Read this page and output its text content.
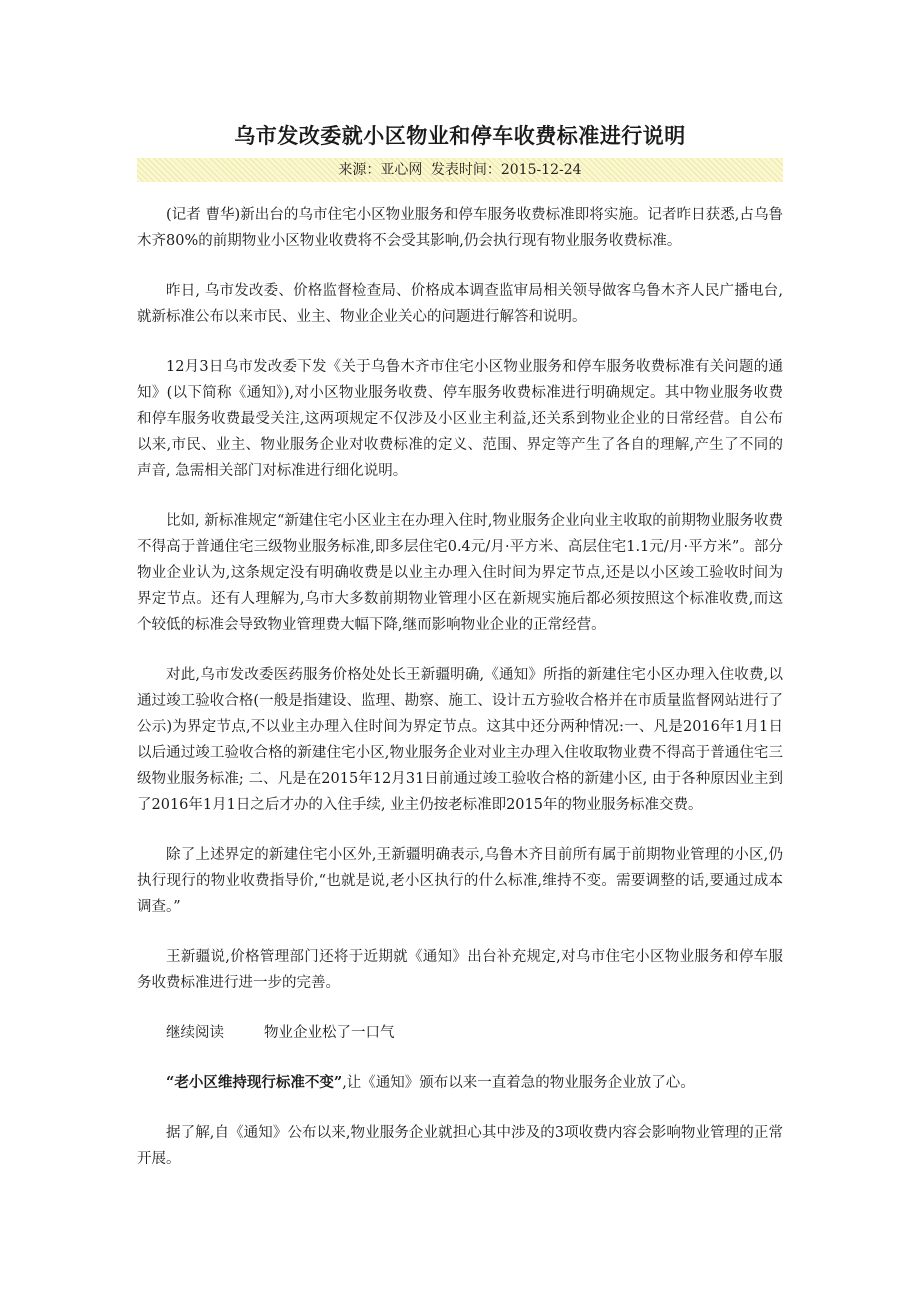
乌市发改委就小区物业和停车收费标准进行说明
来源：亚心网 发表时间：2015-12-24

(记者 曹华)新出台的乌市住宅小区物业服务和停车服务收费标准即将实施。记者昨日获悉,占乌鲁木齐80%的前期物业小区物业收费将不会受其影响,仍会执行现有物业服务收费标准。

昨日, 乌市发改委、价格监督检查局、价格成本调查监审局相关领导做客乌鲁木齐人民广播电台,就新标准公布以来市民、业主、物业企业关心的问题进行解答和说明。

12月3日乌市发改委下发《关于乌鲁木齐市住宅小区物业服务和停车服务收费标准有关问题的通知》(以下简称《通知》),对小区物业服务收费、停车服务收费标准进行明确规定。其中物业服务收费和停车服务收费最受关注,这两项规定不仅涉及小区业主利益,还关系到物业企业的日常经营。自公布以来,市民、业主、物业服务企业对收费标准的定义、范围、界定等产生了各自的理解,产生了不同的声音, 急需相关部门对标准进行细化说明。

比如, 新标准规定“新建住宅小区业主在办理入住时,物业服务企业向业主收取的前期物业服务收费不得高于普通住宅三级物业服务标准,即多层住宅0.4元/月·平方米、高层住宅1.1元/月·平方米”。部分物业企业认为,这条规定没有明确收费是以业主办理入住时间为界定节点,还是以小区竣工验收时间为界定节点。还有人理解为,乌市大多数前期物业管理小区在新规实施后都必须按照这个标准收费,而这个较低的标准会导致物业管理费大幅下降,继而影响物业企业的正常经营。

对此,乌市发改委医药服务价格处处长王新疆明确,《通知》所指的新建住宅小区办理入住收费,以通过竣工验收合格(一般是指建设、监理、勘察、施工、设计五方验收合格并在市质量监督网站进行了公示)为界定节点,不以业主办理入住时间为界定节点。这其中还分两种情况:一、凡是2016年1月1日以后通过竣工验收合格的新建住宅小区,物业服务企业对业主办理入住收取物业费不得高于普通住宅三级物业服务标准; 二、凡是在2015年12月31日前通过竣工验收合格的新建小区, 由于各种原因业主到了2016年1月1日之后才办的入住手续, 业主仍按老标准即2015年的物业服务标准交费。

除了上述界定的新建住宅小区外,王新疆明确表示,乌鲁木齐目前所有属于前期物业管理的小区,仍执行现行的物业收费指导价,“也就是说,老小区执行的什么标准,维持不变。需要调整的话,要通过成本调查。”

王新疆说,价格管理部门还将于近期就《通知》出台补充规定,对乌市住宅小区物业服务和停车服务收费标准进行进一步的完善。

继续阅读	物业企业松了一口气

“老小区维持现行标准不变”,让《通知》颁布以来一直着急的物业服务企业放了心。

据了解,自《通知》公布以来,物业服务企业就担心其中涉及的3项收费内容会影响物业管理的正常开展。
